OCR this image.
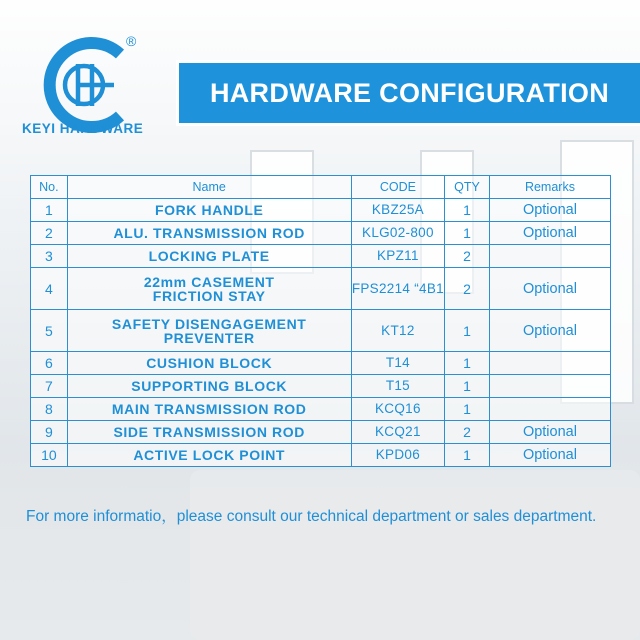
®
KEYI HARDWARE
HARDWARE CONFIGURATION
No.	Name	CODE	QTY	Remarks
1	FORK HANDLE	KBZ25A	1	Optional
2	ALU. TRANSMISSION ROD	KLG02-800	1	Optional
3	LOCKING PLATE	KPZ11	2	
4	22mm CASEMENT
FRICTION STAY	FPS2214 “4B1	2	Optional
5	SAFETY DISENGAGEMENT
PREVENTER	KT12	1	Optional
6	CUSHION BLOCK	T14	1	
7	SUPPORTING BLOCK	T15	1	
8	MAIN TRANSMISSION ROD	KCQ16	1	
9	SIDE TRANSMISSION ROD	KCQ21	2	Optional
10	ACTIVE LOCK POINT	KPD06	1	Optional
For more informatio，please consult our technical department or sales department.
